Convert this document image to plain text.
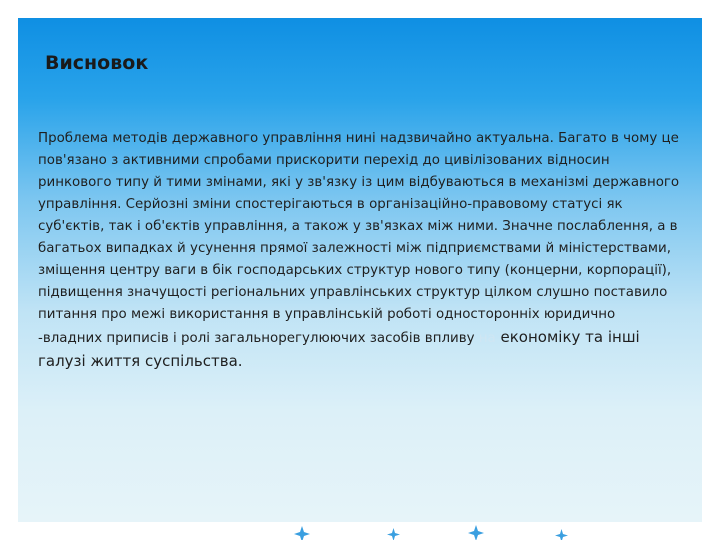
Висновок

Проблема методів державного управління нині надзвичайно актуальна. Багато в чому це пов'язано з активними спробами прискорити перехід до цивілізованих відносин ринкового типу й тими змінами, які у зв'язку із цим відбуваються в механізмі державного управління. Серйозні зміни спостерігаються в організаційно-правовому статусі як суб'єктів, так і об'єктів управління, а також у зв'язках між ними. Значне послаблення, а в багатьох випадках й усунення прямої залежності між підприємствами й міністерствами, зміщення центру ваги в бік господарських структур нового типу (концерни, корпорації), підвищення значущості регіональних управлінських структур цілком слушно поставило питання про межі використання в управлінській роботі односторонніх юридично -владних приписів і ролі загальнорегулюючих засобів впливу на економіку та інші галузі життя суспільства.
